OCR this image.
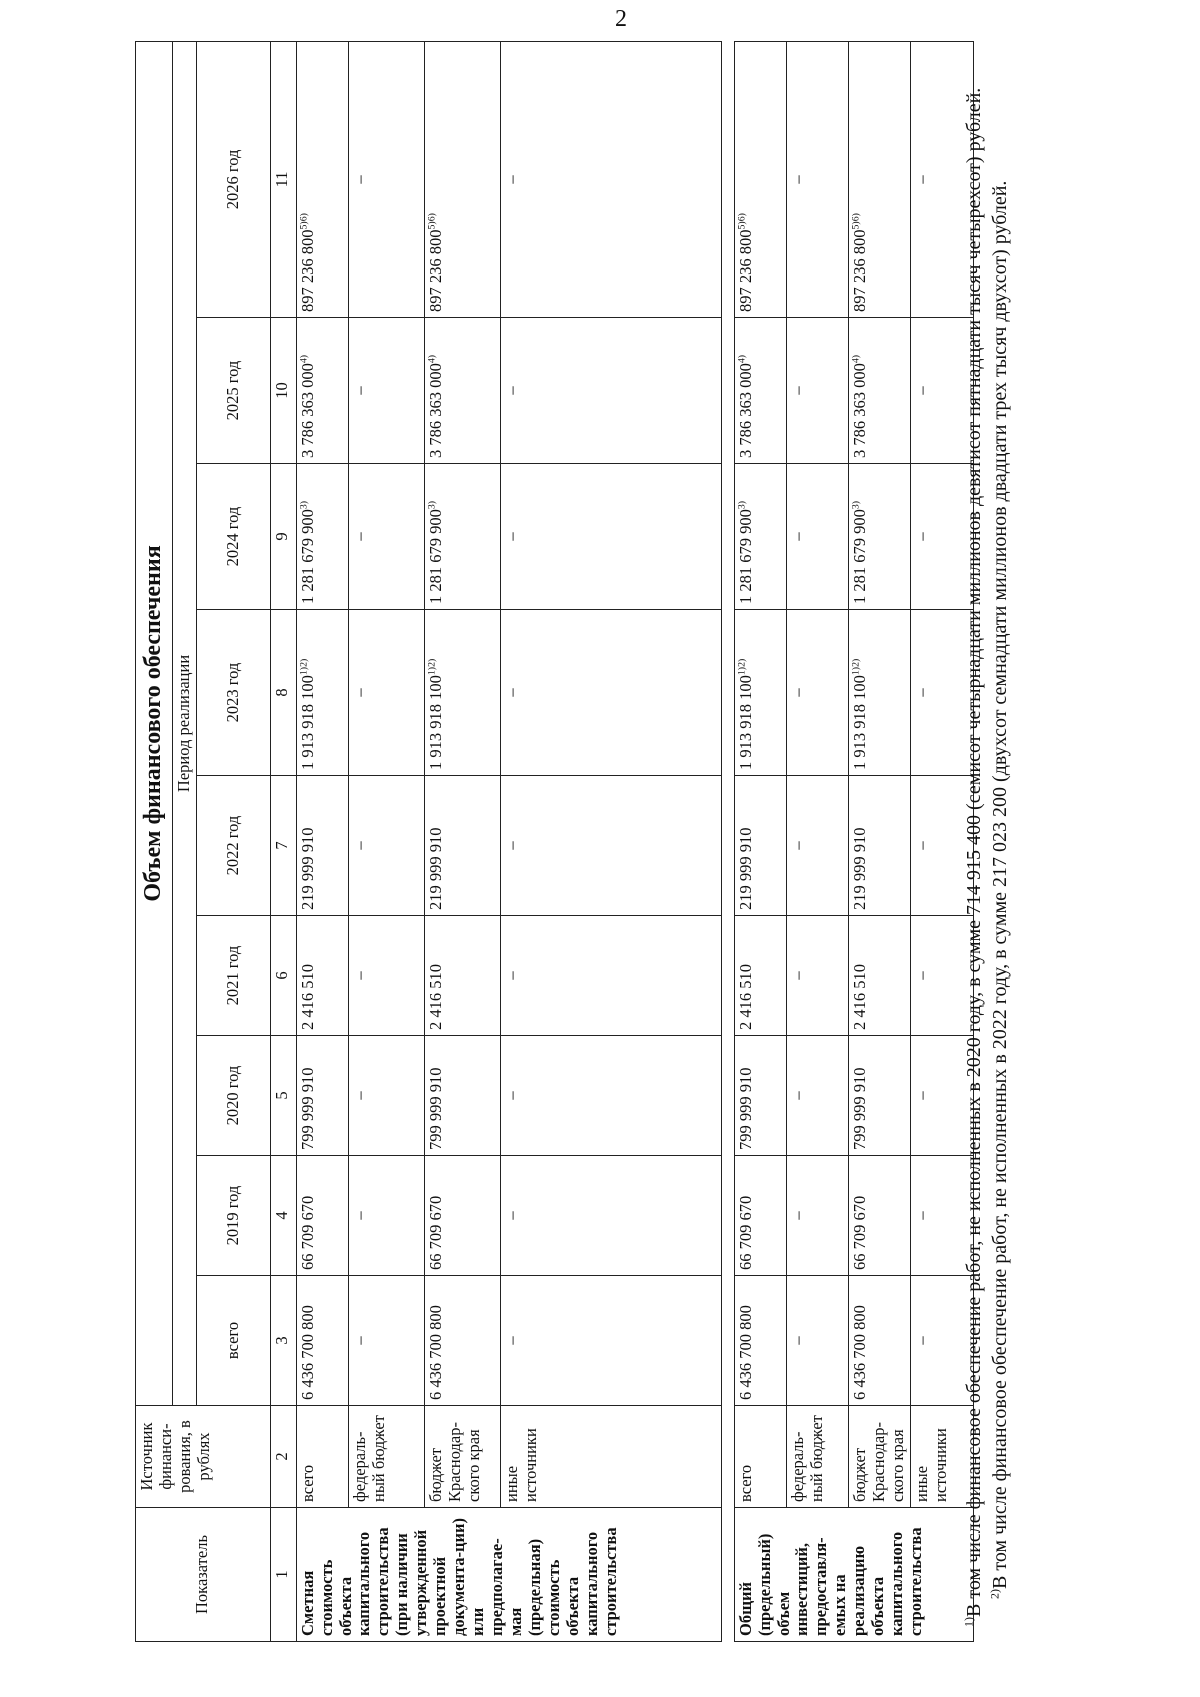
2
Показатель	Источник финанси-рования, в рублях	Объем финансового обеспечения								
		Период реализации								
		всего	2019 год	2020 год	2021 год	2022 год	2023 год	2024 год	2025 год	2026 год
1	2	3	4	5	6	7	8	9	10	11
Сметная стоимость объекта капитального строительства (при наличии утвержденной проектной документа-ции) или предполагае-мая (предельная) стоимость объекта капитального строительства	всего	6 436 700 800	66 709 670	799 999 910	2 416 510	219 999 910	1 913 918 $100^{1)2)}$	1 281 679 900$^{3)}$	3 786 363 000$^{4)}$	897 236 $800^{5)6)}$
	федераль-ный бюджет	–	–	–	–	–	–	–	–	–
	бюджет Краснодар-ского края	6 436 700 800	66 709 670	799 999 910	2 416 510	219 999 910	1 913 918 $100^{1)2)}$	1 281 679 900$^{3)}$	3 786 363 000$^{4)}$	897 236 $800^{5)6)}$
	иные источники	–	–	–	–	–	–	–	–	–

Общий (предельный) объем инвестиций, предоставля-емых на реализацию объекта капитального строительства	всего	6 436 700 800	66 709 670	799 999 910	2 416 510	219 999 910	1 913 918 $100^{1)2)}$	1 281 679 900$^{3)}$	3 786 363 000$^{4)}$	897 236 $800^{5)6)}$
	федераль-ный бюджет	–	–	–	–	–	–	–	–	–
	бюджет Краснодар-ского края	6 436 700 800	66 709 670	799 999 910	2 416 510	219 999 910	1 913 918 $100^{1)2)}$	1 281 679 900$^{3)}$	3 786 363 000$^{4)}$	897 236 $800^{5)6)}$
	иные источники	–	–	–	–	–	–	–	–	–

$^{1)}$В том числе финансовое обеспечение работ, не исполненных в 2020 году, в сумме 714 915 400 (семисот четырнадцати миллионов девятисот пятнадцати тысяч четырехсот) рублей. $^{2)}$В том числе финансовое обеспечение работ, не исполненных в 2022 году, в сумме 217 023 200 (двухсот семнадцати миллионов двадцати трех тысяч двухсот) рублей.
